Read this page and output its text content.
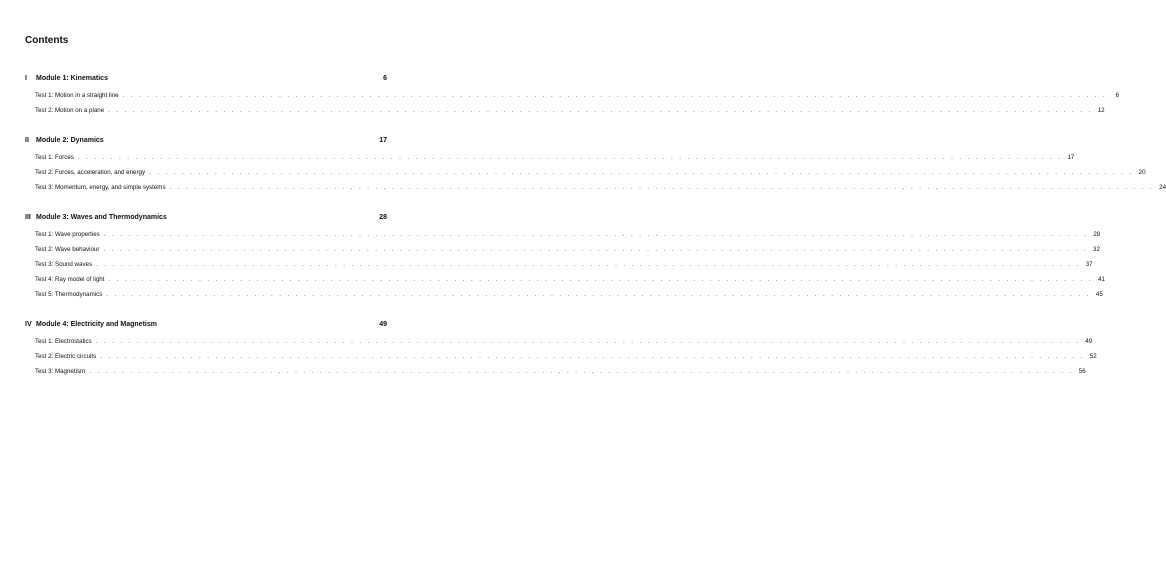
Contents
I	Module 1: Kinematics	6
Test 1: Motion in a straight line . . . . . . . . . . . . . . . . . . . . . . . . . . . . . . . . . . . . . . . . . . . . . . . . . . . . . . . . . . . . . . . . . . . . . . . . . . . . . . . . . . . . . . . . . . . . . . . . . . . . . . . . . . . . . . . . . . . . . . . .	6
Test 2: Motion on a plane . . . . . . . . . . . . . . . . . . . . . . . . . . . . . . . . . . . . . . . . . . . . . . . . . . . . . . . . . . . . . . . . . . . . . . . . . . . . . . . . . . . . . . . . . . . . . . . . . . . . . . . . . . . . . . . . . . . . . . . . 12
II	Module 2: Dynamics	17
Test 1: Forces . . . . . . . . . . . . . . . . . . . . . . . . . . . . . . . . . . . . . . . . . . . . . . . . . . . . . . . . . . . . . . . . . . . . . . . . . . . . . . . . . . . . . . . . . . . . . . . . . . . . . . . . . . . . . . . . . . . . . . . . 17
Test 2: Forces, acceleration, and energy . . . . . . . . . . . . . . . . . . . . . . . . . . . . . . . . . . . . . . . . . . . . . . . . . . . . . . . . . . . . . . . . . . . . . . . . . . . . . . . . . . . . . . . . . . . . . . . . . . . . . . . . . . . . . . . . . . . . . . . . 20
Test 3: Momentum, energy, and simple systems . . . . . . . . . . . . . . . . . . . . . . . . . . . . . . . . . . . . . . . . . . . . . . . . . . . . . . . . . . . . . . . . . . . . . . . . . . . . . . . . . . . . . . . . . . . . . . . . . . . . . . . . . . . . . . . . . . . . . . . . 24
III Module 3: Waves and Thermodynamics	28
Test 1: Wave properties . . . . . . . . . . . . . . . . . . . . . . . . . . . . . . . . . . . . . . . . . . . . . . . . . . . . . . . . . . . . . . . . . . . . . . . . . . . . . . . . . . . . . . . . . . . . . . . . . . . . . . . . . . . . . . . . . . . . . . . . 28
Test 2: Wave behaviour . . . . . . . . . . . . . . . . . . . . . . . . . . . . . . . . . . . . . . . . . . . . . . . . . . . . . . . . . . . . . . . . . . . . . . . . . . . . . . . . . . . . . . . . . . . . . . . . . . . . . . . . . . . . . . . . . . . . . . . . 32
Test 3: Sound waves . . . . . . . . . . . . . . . . . . . . . . . . . . . . . . . . . . . . . . . . . . . . . . . . . . . . . . . . . . . . . . . . . . . . . . . . . . . . . . . . . . . . . . . . . . . . . . . . . . . . . . . . . . . . . . . . . . . . . . . . 37
Test 4: Ray model of light . . . . . . . . . . . . . . . . . . . . . . . . . . . . . . . . . . . . . . . . . . . . . . . . . . . . . . . . . . . . . . . . . . . . . . . . . . . . . . . . . . . . . . . . . . . . . . . . . . . . . . . . . . . . . . . . . . . . . . . . 41
Test 5: Thermodynamics . . . . . . . . . . . . . . . . . . . . . . . . . . . . . . . . . . . . . . . . . . . . . . . . . . . . . . . . . . . . . . . . . . . . . . . . . . . . . . . . . . . . . . . . . . . . . . . . . . . . . . . . . . . . . . . . . . . . . . . . 45
IV Module 4: Electricity and Magnetism	49
Test 1: Electrostatics . . . . . . . . . . . . . . . . . . . . . . . . . . . . . . . . . . . . . . . . . . . . . . . . . . . . . . . . . . . . . . . . . . . . . . . . . . . . . . . . . . . . . . . . . . . . . . . . . . . . . . . . . . . . . . . . . . . . . . . . 49
Test 2: Electric circuits . . . . . . . . . . . . . . . . . . . . . . . . . . . . . . . . . . . . . . . . . . . . . . . . . . . . . . . . . . . . . . . . . . . . . . . . . . . . . . . . . . . . . . . . . . . . . . . . . . . . . . . . . . . . . . . . . . . . . . . . 52
Test 3: Magnetism . . . . . . . . . . . . . . . . . . . . . . . . . . . . . . . . . . . . . . . . . . . . . . . . . . . . . . . . . . . . . . . . . . . . . . . . . . . . . . . . . . . . . . . . . . . . . . . . . . . . . . . . . . . . . . . . . . . . . . . . 56
